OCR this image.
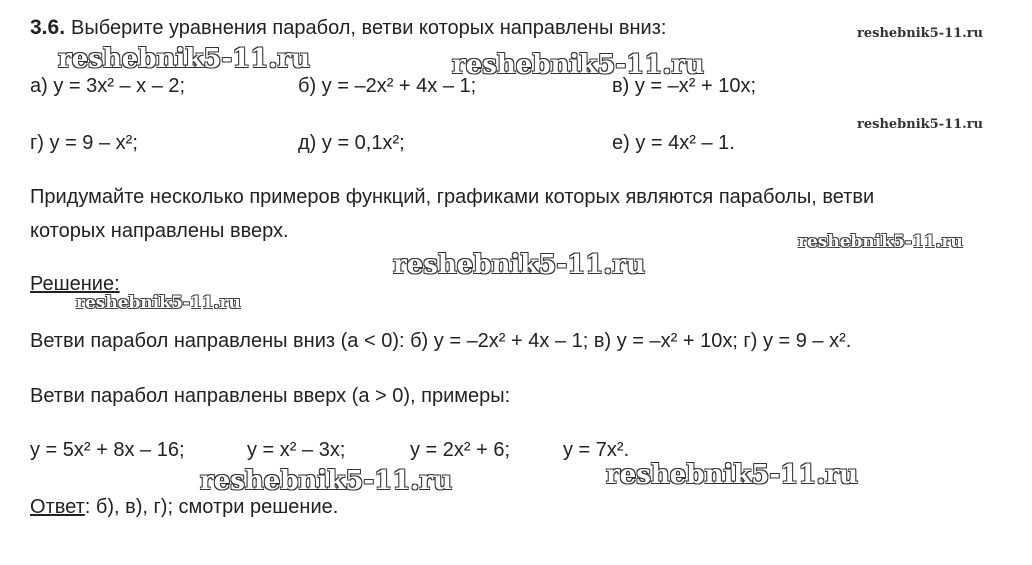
3.6. Выберите уравнения парабол, ветви которых направлены вниз:
а) y = 3x² – x – 2;	б) y = –2x² + 4x – 1;	в) y = –x² + 10x;
г) y = 9 – x²;	д) y = 0,1x²;	е) y = 4x² – 1.
Придумайте несколько примеров функций, графиками которых являются параболы, ветви
которых направлены вверх.
Решение:
Ветви парабол направлены вниз (a < 0): б) y = –2x² + 4x – 1; в) y = –x² + 10x; г) y = 9 – x².
Ветви парабол направлены вверх (a > 0), примеры:
y = 5x² + 8x – 16;	y = x² – 3x;	y = 2x² + 6;	y = 7x².
Ответ: б), в), г); смотри решение.
reshebnik5-11.ru	reshebnik5-11.ru
reshebnik5-11.ru
reshebnik5-11.ru
reshebnik5-11.ru
reshebnik5-11.ru
reshebnik5-11.ru
reshebnik5-11.ru	reshebnik5-11.ru
